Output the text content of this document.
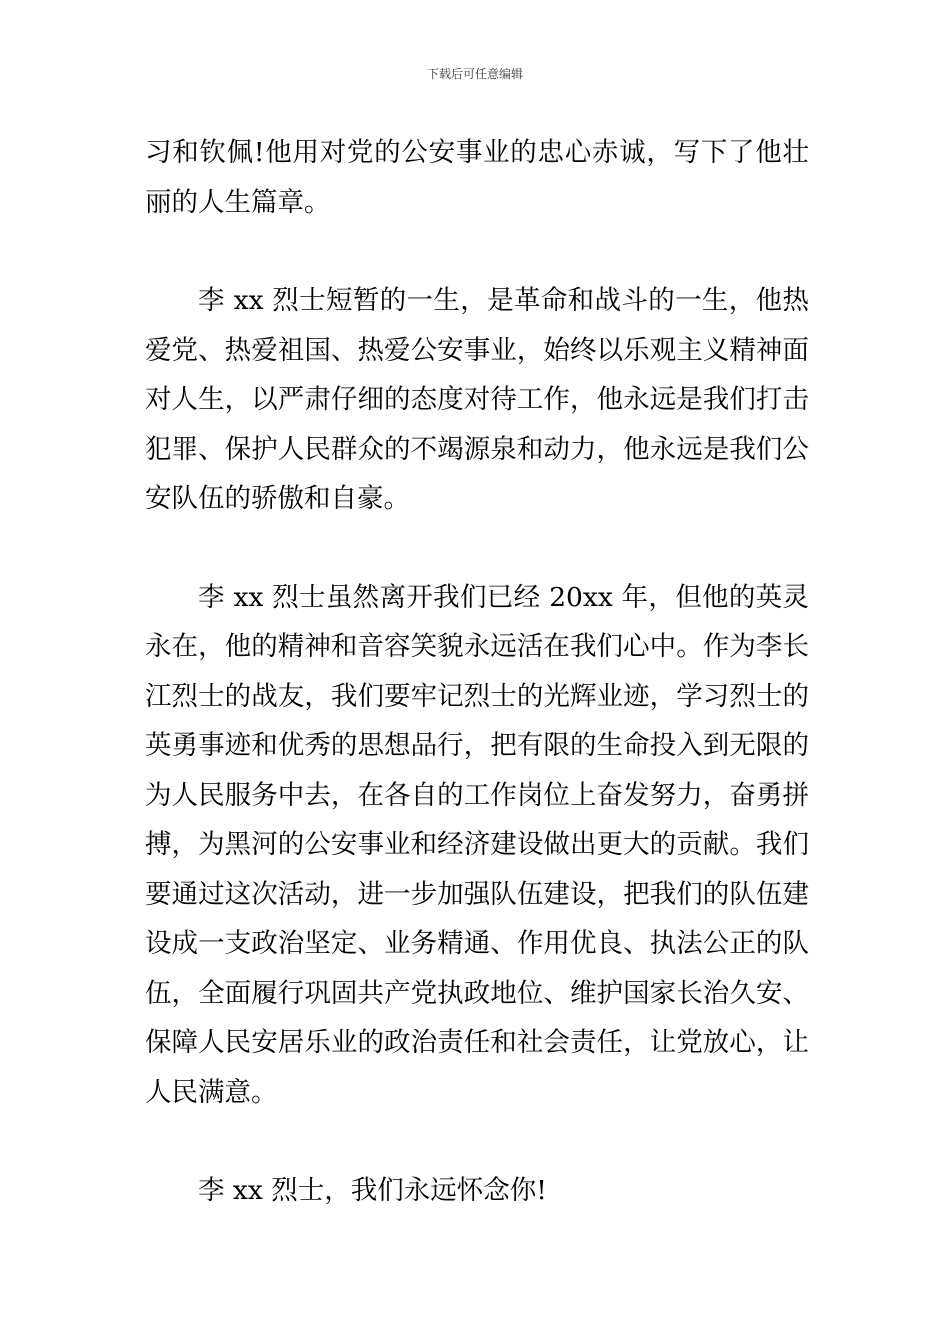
下载后可任意编辑

习和钦佩!他用对党的公安事业的忠心赤诚，写下了他壮丽的人生篇章。

李 xx 烈士短暂的一生，是革命和战斗的一生，他热爱党、热爱祖国、热爱公安事业，始终以乐观主义精神面对人生，以严肃仔细的态度对待工作，他永远是我们打击犯罪、保护人民群众的不竭源泉和动力，他永远是我们公安队伍的骄傲和自豪。

李 xx 烈士虽然离开我们已经 20xx 年，但他的英灵永在，他的精神和音容笑貌永远活在我们心中。作为李长江烈士的战友，我们要牢记烈士的光辉业迹，学习烈士的英勇事迹和优秀的思想品行，把有限的生命投入到无限的为人民服务中去，在各自的工作岗位上奋发努力，奋勇拼搏，为黑河的公安事业和经济建设做出更大的贡献。我们要通过这次活动，进一步加强队伍建设，把我们的队伍建设成一支政治坚定、业务精通、作用优良、执法公正的队伍，全面履行巩固共产党执政地位、维护国家长治久安、保障人民安居乐业的政治责任和社会责任，让党放心，让人民满意。

李 xx 烈士，我们永远怀念你!
